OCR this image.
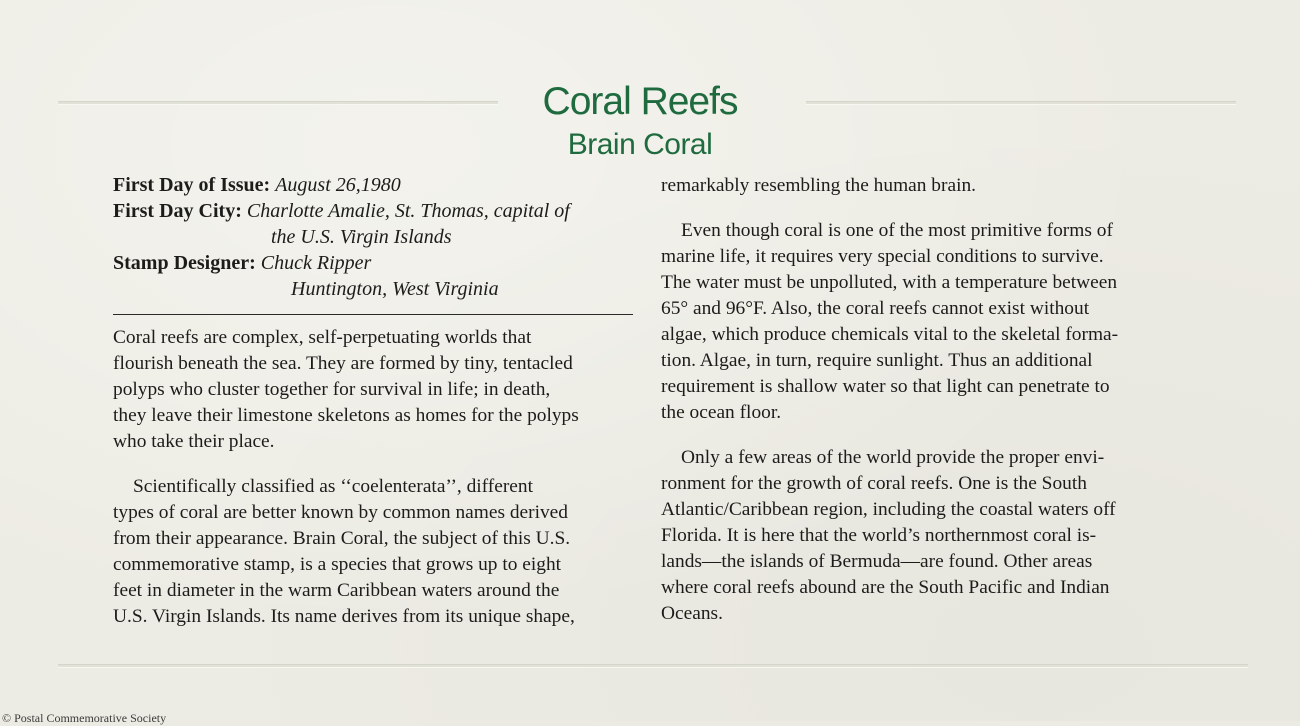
Coral Reefs
Brain Coral
First Day of Issue: August 26,1980
First Day City: Charlotte Amalie, St. Thomas, capital of
the U.S. Virgin Islands
Stamp Designer: Chuck Ripper
Huntington, West Virginia

Coral reefs are complex, self-perpetuating worlds that
flourish beneath the sea. They are formed by tiny, tentacled
polyps who cluster together for survival in life; in death,
they leave their limestone skeletons as homes for the polyps
who take their place.

Scientifically classified as ‘‘coelenterata’’, different
types of coral are better known by common names derived
from their appearance. Brain Coral, the subject of this U.S.
commemorative stamp, is a species that grows up to eight
feet in diameter in the warm Caribbean waters around the
U.S. Virgin Islands. Its name derives from its unique shape,

remarkably resembling the human brain.

Even though coral is one of the most primitive forms of
marine life, it requires very special conditions to survive.
The water must be unpolluted, with a temperature between
65° and 96°F. Also, the coral reefs cannot exist without
algae, which produce chemicals vital to the skeletal forma-
tion. Algae, in turn, require sunlight. Thus an additional
requirement is shallow water so that light can penetrate to
the ocean floor.

Only a few areas of the world provide the proper envi-
ronment for the growth of coral reefs. One is the South
Atlantic/Caribbean region, including the coastal waters off
Florida. It is here that the world’s northernmost coral is-
lands—the islands of Bermuda—are found. Other areas
where coral reefs abound are the South Pacific and Indian
Oceans.

© Postal Commemorative Society
